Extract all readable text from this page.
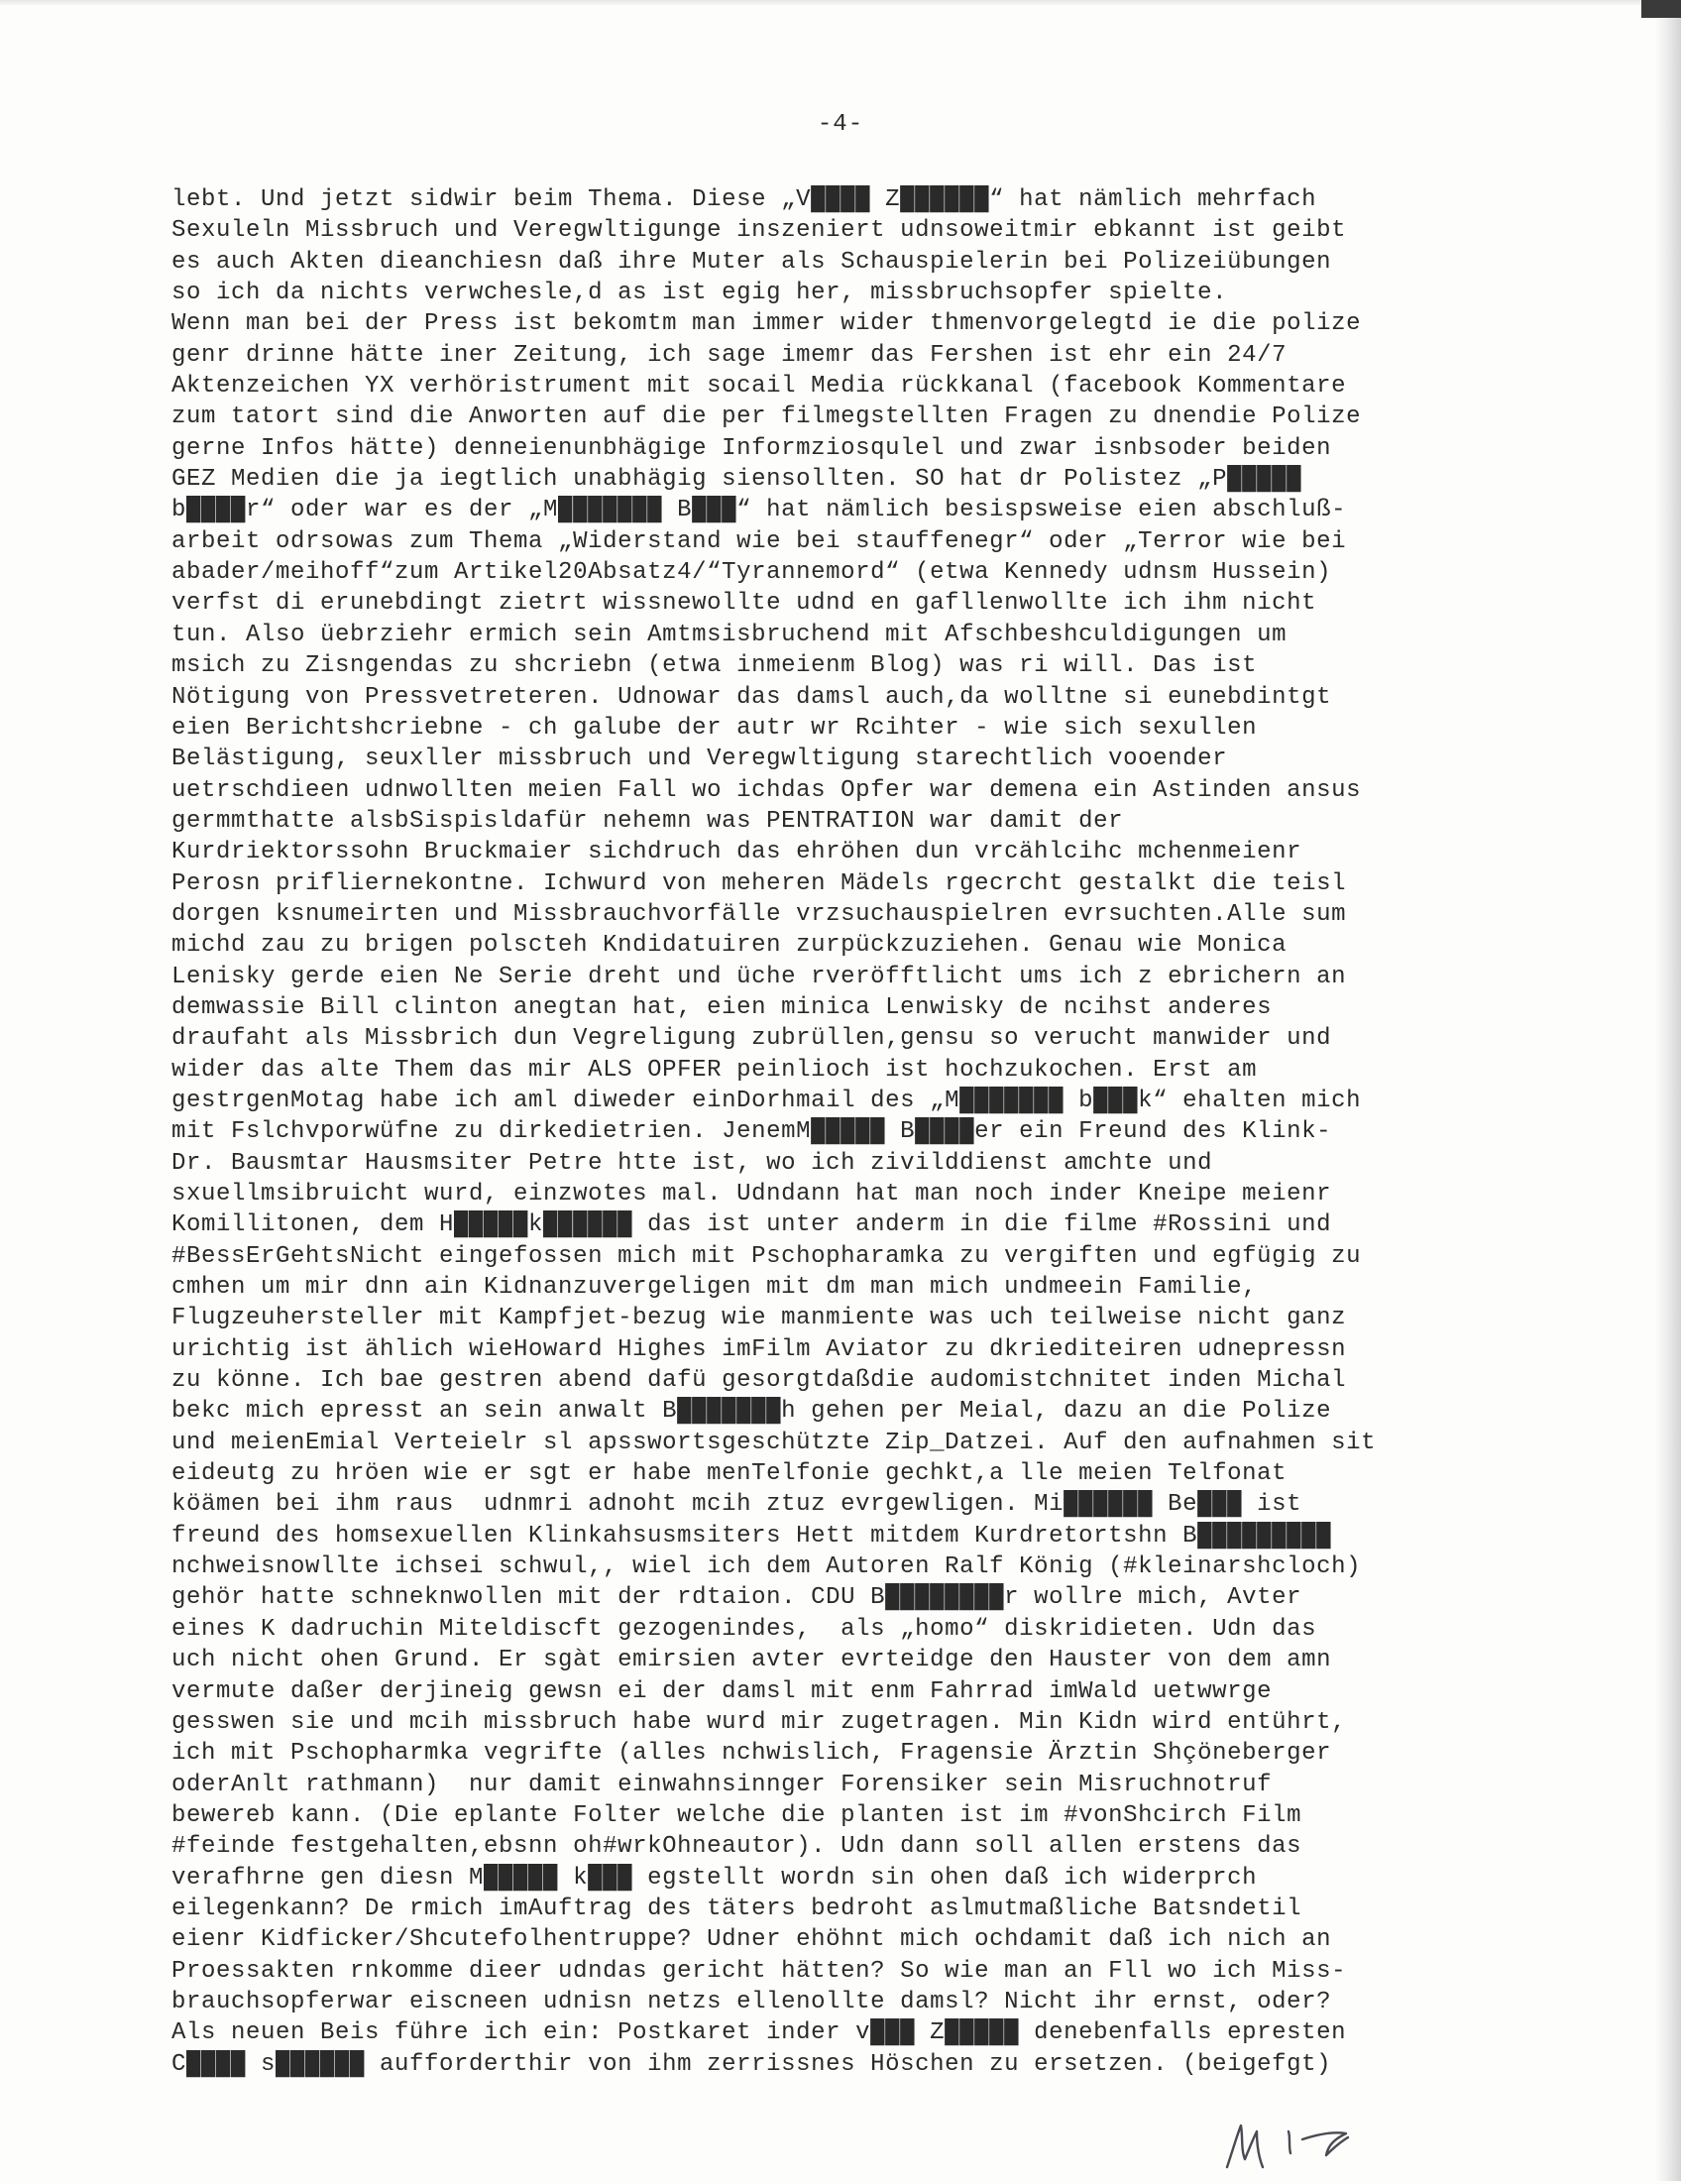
-4-
lebt. Und jetzt sidwir beim Thema. Diese „V████ Z██████“ hat nämlich mehrfach
Sexuleln Missbruch und Veregwltigunge inszeniert udnsoweitmir ebkannt ist geibt
es auch Akten dieanchiesn daß ihre Muter als Schauspielerin bei Polizeiübungen
so ich da nichts verwchesle,d as ist egig her, missbruchsopfer spielte.
Wenn man bei der Press ist bekomtm man immer wider thmenvorgelegtd ie die polize
genr drinne hätte iner Zeitung, ich sage imemr das Fershen ist ehr ein 24/7
Aktenzeichen YX verhöristrument mit socail Media rückkanal (facebook Kommentare
zum tatort sind die Anworten auf die per filmegstellten Fragen zu dnendie Polize
gerne Infos hätte) denneienunbhägige Informziosqulel und zwar isnbsoder beiden
GEZ Medien die ja iegtlich unabhägig siensollten. SO hat dr Polistez „P█████
b████r“ oder war es der „M███████ B███“ hat nämlich besispsweise eien abschluß-
arbeit odrsowas zum Thema „Widerstand wie bei stauffenegr“ oder „Terror wie bei
abader/meihoff“zum Artikel20Absatz4/“Tyrannemord“ (etwa Kennedy udnsm Hussein)
verfst di erunebdingt zietrt wissnewollte udnd en gafllenwollte ich ihm nicht
tun. Also üebrziehr ermich sein Amtmsisbruchend mit Afschbeshculdigungen um
msich zu Zisngendas zu shcriebn (etwa inmeienm Blog) was ri will. Das ist
Nötigung von Pressvetreteren. Udnowar das damsl auch,da wolltne si eunebdintgt
eien Berichtshcriebne - ch galube der autr wr Rcihter - wie sich sexullen
Belästigung, seuxller missbruch und Veregwltigung starechtlich vooender
uetrschdieen udnwollten meien Fall wo ichdas Opfer war demena ein Astinden ansus
germmthatte alsbSispisldafür nehemn was PENTRATION war damit der
Kurdriektorssohn Bruckmaier sichdruch das ehröhen dun vrcählcihc mchenmeienr
Perosn prifliernekontne. Ichwurd von meheren Mädels rgecrcht gestalkt die teisl
dorgen ksnumeirten und Missbrauchvorfälle vrzsuchauspielren evrsuchten.Alle sum
michd zau zu brigen polscteh Kndidatuiren zurpückzuziehen. Genau wie Monica
Lenisky gerde eien Ne Serie dreht und üche rveröfftlicht ums ich z ebrichern an
demwassie Bill clinton anegtan hat, eien minica Lenwisky de ncihst anderes
draufaht als Missbrich dun Vegreligung zubrüllen,gensu so verucht manwider und
wider das alte Them das mir ALS OPFER peinlioch ist hochzukochen. Erst am
gestrgenMotag habe ich aml diweder einDorhmail des „M███████ b███k“ ehalten mich
mit Fslchvporwüfne zu dirkedietrien. JenemM█████ B████er ein Freund des Klink-
Dr. Bausmtar Hausmsiter Petre htte ist, wo ich zivilddienst amchte und
sxuellmsibruicht wurd, einzwotes mal. Udndann hat man noch inder Kneipe meienr
Komillitonen, dem H█████k██████ das ist unter anderm in die filme #Rossini und
#BessErGehtsNicht eingefossen mich mit Pschopharamka zu vergiften und egfügig zu
cmhen um mir dnn ain Kidnanzuvergeligen mit dm man mich undmeein Familie,
Flugzeuhersteller mit Kampfjet-bezug wie manmiente was uch teilweise nicht ganz
urichtig ist ählich wieHoward Highes imFilm Aviator zu dkriediteiren udnepressn
zu könne. Ich bae gestren abend dafü gesorgtdaßdie audomistchnitet inden Michal
bekc mich epresst an sein anwalt B███████h gehen per Meial, dazu an die Polize
und meienEmial Verteielr sl apsswortsgeschützte Zip_Datzei. Auf den aufnahmen sit
eideutg zu hröen wie er sgt er habe menTelfonie gechkt,a lle meien Telfonat
köämen bei ihm raus  udnmri adnoht mcih ztuz evrgewligen. Mi██████ Be███ ist
freund des homsexuellen Klinkahsusmsiters Hett mitdem Kurdretortshn B█████████
nchweisnowllte ichsei schwul,, wiel ich dem Autoren Ralf König (#kleinarshcloch)
gehör hatte schneknwollen mit der rdtaion. CDU B████████r wollre mich, Avter
eines K dadruchin Miteldiscft gezogenindes,  als „homo“ diskridieten. Udn das
uch nicht ohen Grund. Er sgàt emirsien avter evrteidge den Hauster von dem amn
vermute daßer derjineig gewsn ei der damsl mit enm Fahrrad imWald uetwwrge
gesswen sie und mcih missbruch habe wurd mir zugetragen. Min Kidn wird entührt,
ich mit Pschopharmka vegrifte (alles nchwislich, Fragensie Ärztin Shçöneberger
oderAnlt rathmann)  nur damit einwahnsinnger Forensiker sein Misruchnotruf
bewereb kann. (Die eplante Folter welche die planten ist im #vonShcirch Film
#feinde festgehalten,ebsnn oh#wrkOhneautor). Udn dann soll allen erstens das
verafhrne gen diesn M█████ k███ egstellt wordn sin ohen daß ich widerprch
eilegenkann? De rmich imAuftrag des täters bedroht aslmutmaßliche Batsndetil
eienr Kidficker/Shcutefolhentruppe? Udner ehöhnt mich ochdamit daß ich nich an
Proessakten rnkomme dieer udndas gericht hätten? So wie man an Fll wo ich Miss-
brauchsopferwar eiscneen udnisn netzs ellenollte damsl? Nicht ihr ernst, oder?
Als neuen Beis führe ich ein: Postkaret inder v███ Z█████ denebenfalls epresten
C████ s██████ aufforderthir von ihm zerrissnes Höschen zu ersetzen. (beigefgt)
